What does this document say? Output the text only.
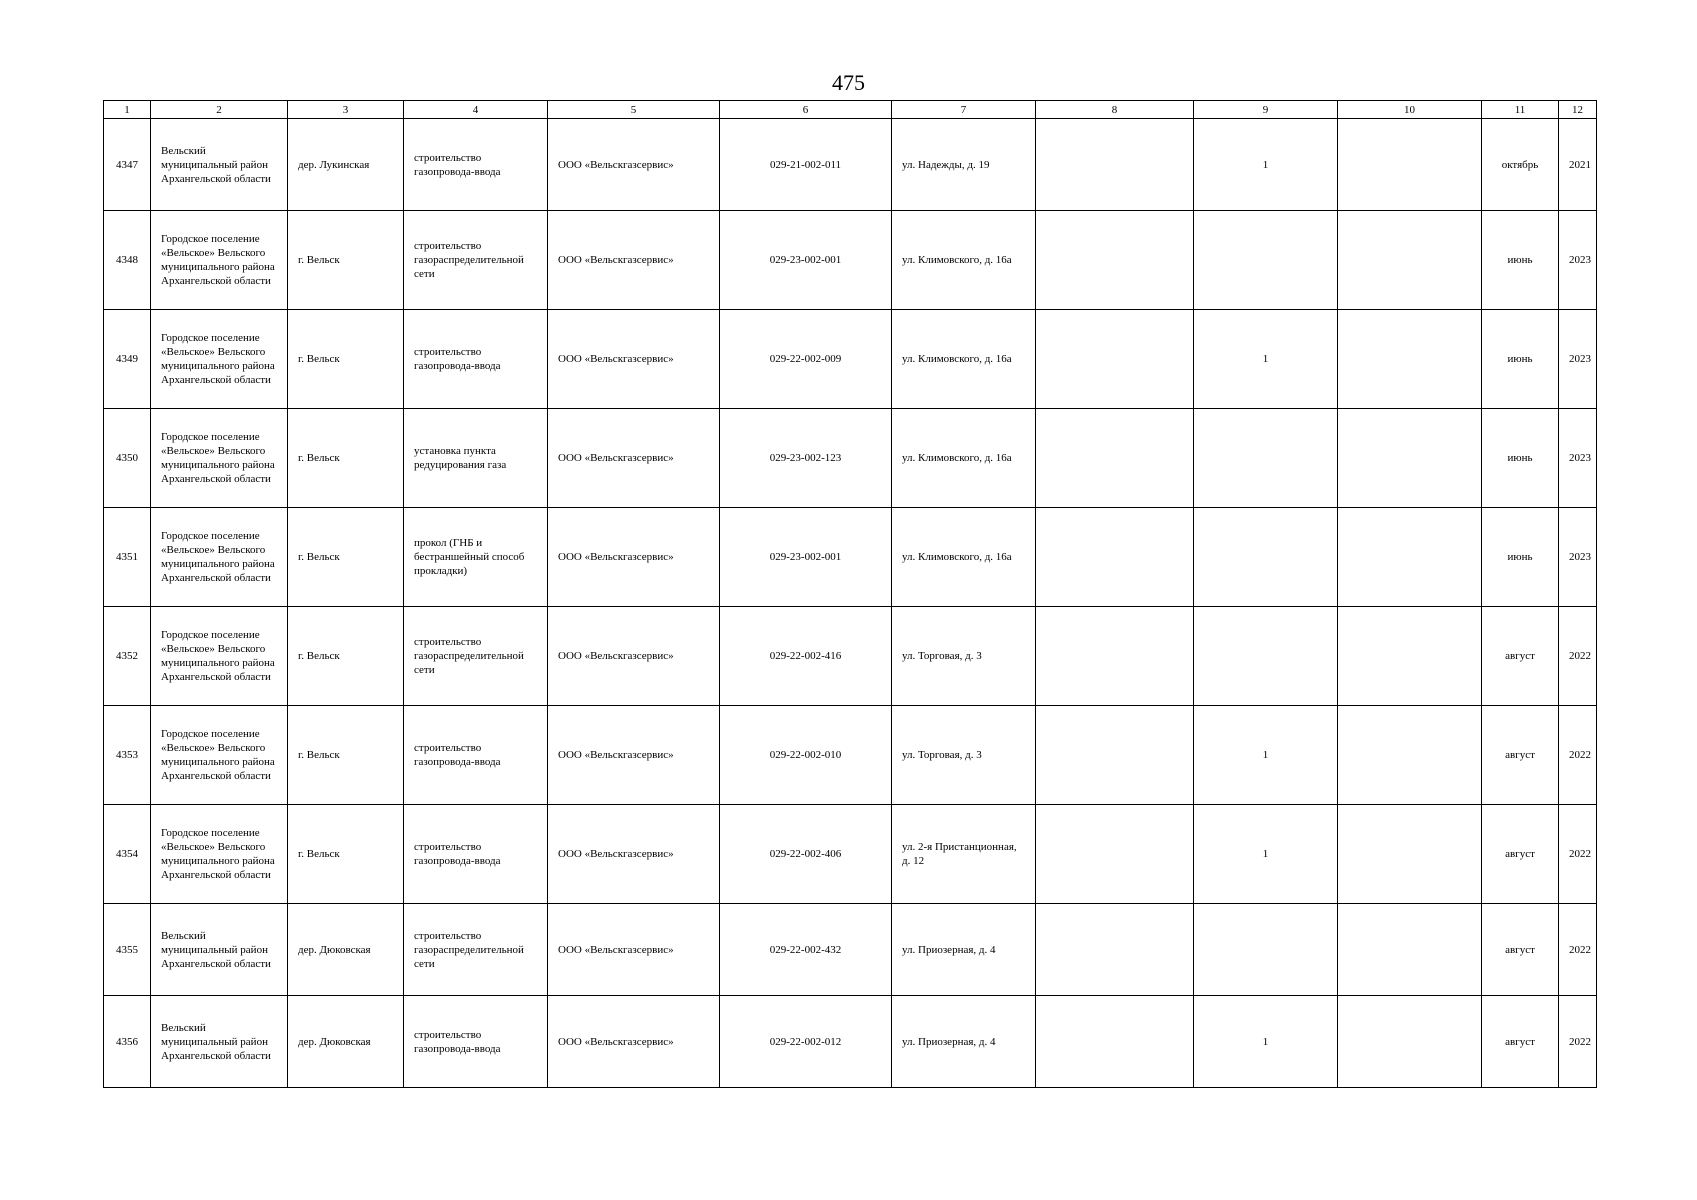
475
1	2	3	4	5	6	7	8	9	10	11	12
4347	Вельский муниципальный район Архангельской области	дер. Лукинская	строительство газопровода-ввода	ООО «Вельскгазсервис»	029-21-002-011	ул. Надежды, д. 19		1		октябрь	2021
4348	Городское поселение «Вельское» Вельского муниципального района Архангельской области	г. Вельск	строительство газораспределительной сети	ООО «Вельскгазсервис»	029-23-002-001	ул. Климовского, д. 16а				июнь	2023
4349	Городское поселение «Вельское» Вельского муниципального района Архангельской области	г. Вельск	строительство газопровода-ввода	ООО «Вельскгазсервис»	029-22-002-009	ул. Климовского, д. 16а		1		июнь	2023
4350	Городское поселение «Вельское» Вельского муниципального района Архангельской области	г. Вельск	установка пункта редуцирования газа	ООО «Вельскгазсервис»	029-23-002-123	ул. Климовского, д. 16а				июнь	2023
4351	Городское поселение «Вельское» Вельского муниципального района Архангельской области	г. Вельск	прокол (ГНБ и бестраншейный способ прокладки)	ООО «Вельскгазсервис»	029-23-002-001	ул. Климовского, д. 16а				июнь	2023
4352	Городское поселение «Вельское» Вельского муниципального района Архангельской области	г. Вельск	строительство газораспределительной сети	ООО «Вельскгазсервис»	029-22-002-416	ул. Торговая, д. 3				август	2022
4353	Городское поселение «Вельское» Вельского муниципального района Архангельской области	г. Вельск	строительство газопровода-ввода	ООО «Вельскгазсервис»	029-22-002-010	ул. Торговая, д. 3		1		август	2022
4354	Городское поселение «Вельское» Вельского муниципального района Архангельской области	г. Вельск	строительство газопровода-ввода	ООО «Вельскгазсервис»	029-22-002-406	ул. 2-я Пристанционная, д. 12		1		август	2022
4355	Вельский муниципальный район Архангельской области	дер. Дюковская	строительство газораспределительной сети	ООО «Вельскгазсервис»	029-22-002-432	ул. Приозерная, д. 4				август	2022
4356	Вельский муниципальный район Архангельской области	дер. Дюковская	строительство газопровода-ввода	ООО «Вельскгазсервис»	029-22-002-012	ул. Приозерная, д. 4		1		август	2022
